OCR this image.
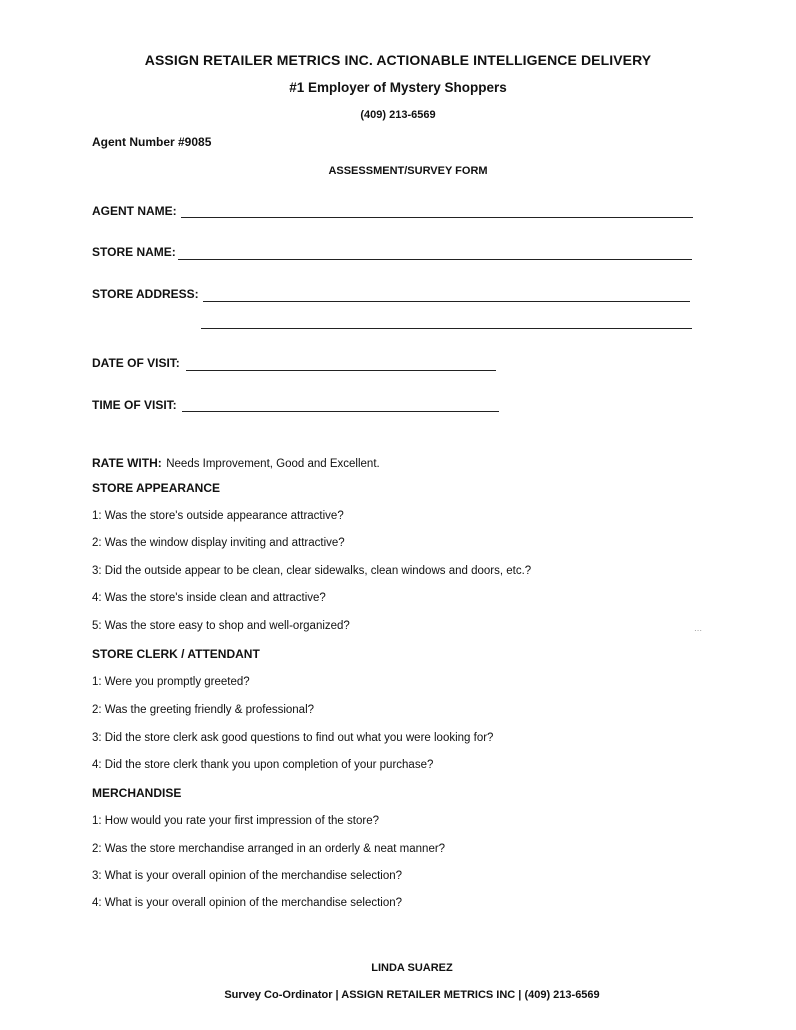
ASSIGN RETAILER METRICS INC. ACTIONABLE INTELLIGENCE DELIVERY
#1 Employer of Mystery Shoppers
(409) 213-6569
Agent Number #9085
ASSESSMENT/SURVEY FORM
AGENT NAME:
STORE NAME:
STORE ADDRESS:
DATE OF VISIT:
TIME OF VISIT:
RATE WITH: Needs Improvement, Good and Excellent.
STORE APPEARANCE
1: Was the store's outside appearance attractive?
2: Was the window display inviting and attractive?
3: Did the outside appear to be clean, clear sidewalks, clean windows and doors, etc.?
4: Was the store's inside clean and attractive?
5: Was the store easy to shop and well-organized?
STORE CLERK / ATTENDANT
1: Were you promptly greeted?
2: Was the greeting friendly & professional?
3: Did the store clerk ask good questions to find out what you were looking for?
4: Did the store clerk thank you upon completion of your purchase?
MERCHANDISE
1: How would you rate your first impression of the store?
2: Was the store merchandise arranged in an orderly & neat manner?
3: What is your overall opinion of the merchandise selection?
4: What is your overall opinion of the merchandise selection?
LINDA SUAREZ
Survey Co-Ordinator | ASSIGN RETAILER METRICS INC | (409) 213-6569
⋯
